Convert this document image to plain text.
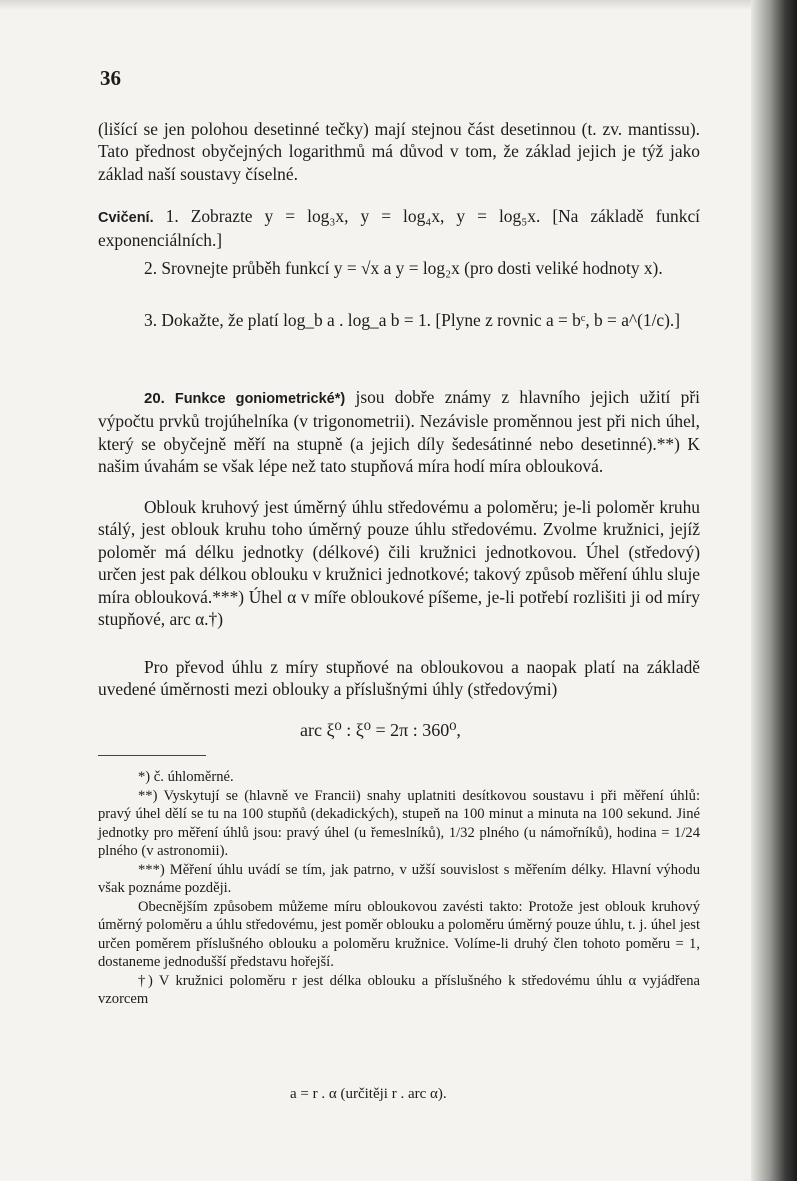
36

(lišící se jen polohou desetinné tečky) mají stejnou část desetinnou (t. zv. mantissu). Tato přednost obyčejných logarithmů má důvod v tom, že základ jejich je týž jako základ naší soustavy číselné.

Cvičení. 1. Zobrazte y = log₃x, y = log₄x, y = log₅x. [Na základě funkcí exponenciálních.]

2. Srovnejte průběh funkcí y = √x a y = log₂x (pro dosti veliké hodnoty x).

3. Dokažte, že platí log_b a . log_a b = 1. [Plyne z rovnic a = bᶜ, b = a^(1/c).]

20. Funkce goniometrické*) jsou dobře známy z hlavního jejich užití při výpočtu prvků trojúhelníka (v trigonometrii). Nezávisle proměnnou jest při nich úhel, který se obyčejně měří na stupně (a jejich díly šedesátinné nebo desetinné).**) K našim úvahám se však lépe než tato stupňová míra hodí míra oblouková.

Oblouk kruhový jest úměrný úhlu středovému a poloměru; je-li poloměr kruhu stálý, jest oblouk kruhu toho úměrný pouze úhlu středovému. Zvolme kružnici, jejíž poloměr má délku jednotky (délkové) čili kružnici jednotkovou. Úhel (středový) určen jest pak délkou oblouku v kružnici jednotkové; takový způsob měření úhlu sluje míra oblouková.***) Úhel α v míře obloukové píšeme, je-li potřebí rozlišiti ji od míry stupňové, arc α.†)

Pro převod úhlu z míry stupňové na obloukovou a naopak platí na základě uvedené úměrnosti mezi oblouky a příslušnými úhly (středovými)

arc ξ⁰ : ξ⁰ = 2π : 360⁰,

*) č. úhloměrné.

**) Vyskytují se (hlavně ve Francii) snahy uplatniti desítkovou soustavu i při měření úhlů: pravý úhel dělí se tu na 100 stupňů (dekadických), stupeň na 100 minut a minuta na 100 sekund. Jiné jednotky pro měření úhlů jsou: pravý úhel (u řemeslníků), 1/32 plného (u námořníků), hodina = 1/24 plného (v astronomii).

***) Měření úhlu uvádí se tím, jak patrno, v užší souvislost s měřením délky. Hlavní výhodu však poznáme později.

Obecnějším způsobem můžeme míru obloukovou zavésti takto: Protože jest oblouk kruhový úměrný poloměru a úhlu středovému, jest poměr oblouku a poloměru úměrný pouze úhlu, t. j. úhel jest určen poměrem příslušného oblouku a poloměru kružnice. Volíme-li druhý člen tohoto poměru = 1, dostaneme jednodušší představu hořejší.

†) V kružnici poloměru r jest délka oblouku a příslušného k středovému úhlu α vyjádřena vzorcem

a = r . α (určitěji r . arc α).
